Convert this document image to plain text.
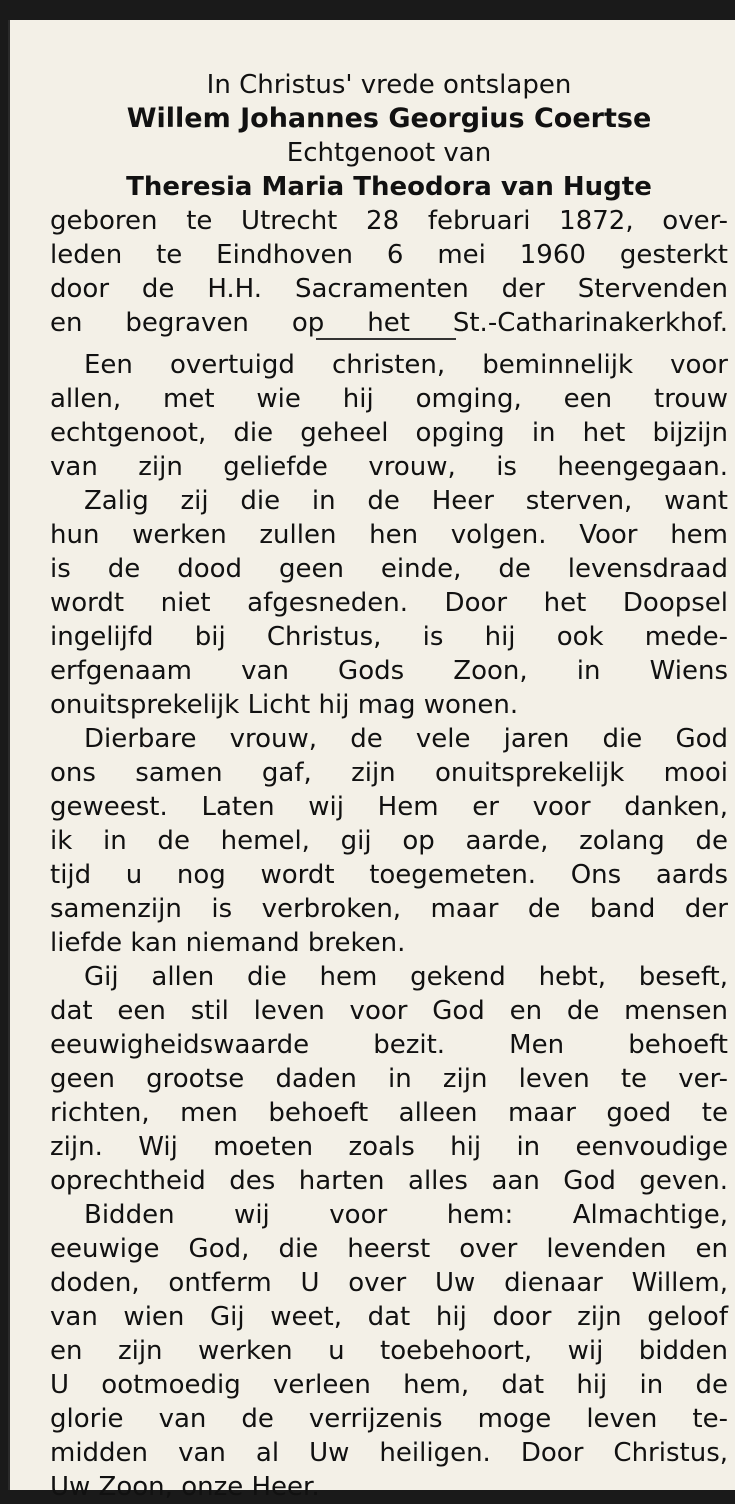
In Christus' vrede ontslapen
Willem Johannes Georgius Coertse
Echtgenoot van
Theresia Maria Theodora van Hugte
geboren te Utrecht 28 februari 1872, over-
leden te Eindhoven 6 mei 1960 gesterkt
door de H.H. Sacramenten der Stervenden
en begraven op het St.-Catharinakerkhof.
Een overtuigd christen, beminnelijk voor
allen, met wie hij omging, een trouw
echtgenoot, die geheel opging in het bijzijn
van zijn geliefde vrouw, is heengegaan.
Zalig zij die in de Heer sterven, want
hun werken zullen hen volgen. Voor hem
is de dood geen einde, de levensdraad
wordt niet afgesneden. Door het Doopsel
ingelijfd bij Christus, is hij ook mede-
erfgenaam van Gods Zoon, in Wiens
onuitsprekelijk Licht hij mag wonen.
Dierbare vrouw, de vele jaren die God
ons samen gaf, zijn onuitsprekelijk mooi
geweest. Laten wij Hem er voor danken,
ik in de hemel, gij op aarde, zolang de
tijd u nog wordt toegemeten. Ons aards
samenzijn is verbroken, maar de band der
liefde kan niemand breken.
Gij allen die hem gekend hebt, beseft,
dat een stil leven voor God en de mensen
eeuwigheidswaarde bezit. Men behoeft
geen grootse daden in zijn leven te ver-
richten, men behoeft alleen maar goed te
zijn. Wij moeten zoals hij in eenvoudige
oprechtheid des harten alles aan God geven.
Bidden wij voor hem: Almachtige,
eeuwige God, die heerst over levenden en
doden, ontferm U over Uw dienaar Willem,
van wien Gij weet, dat hij door zijn geloof
en zijn werken u toebehoort, wij bidden
U ootmoedig verleen hem, dat hij in de
glorie van de verrijzenis moge leven te-
midden van al Uw heiligen. Door Christus,
Uw Zoon, onze Heer.
